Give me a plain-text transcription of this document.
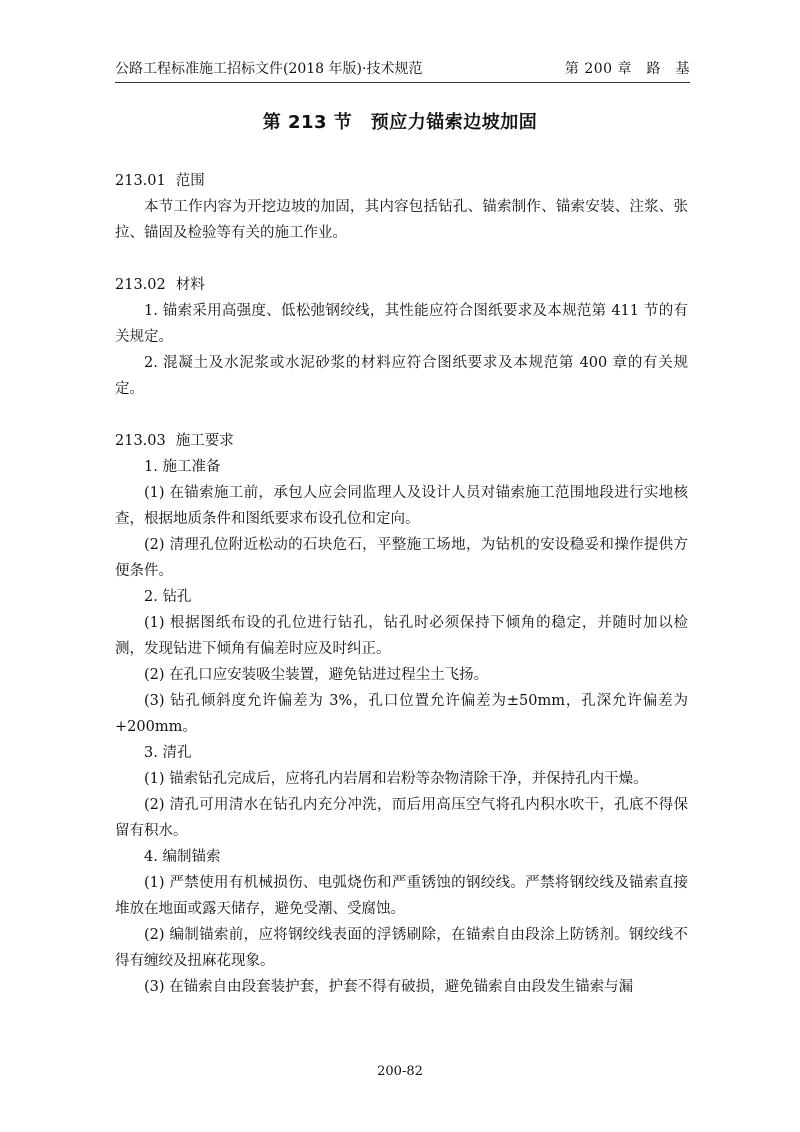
公路工程标准施工招标文件(2018 年版)·技术规范	第 200 章　路　基
第 213 节　预应力锚索边坡加固

213.01 范围

本节工作内容为开挖边坡的加固，其内容包括钻孔、锚索制作、锚索安装、注浆、张拉、锚固及检验等有关的施工作业。

213.02 材料

1. 锚索采用高强度、低松弛钢绞线，其性能应符合图纸要求及本规范第 411 节的有关规定。

2. 混凝土及水泥浆或水泥砂浆的材料应符合图纸要求及本规范第 400 章的有关规定。

213.03 施工要求

1. 施工准备

(1) 在锚索施工前，承包人应会同监理人及设计人员对锚索施工范围地段进行实地核查，根据地质条件和图纸要求布设孔位和定向。

(2) 清理孔位附近松动的石块危石，平整施工场地，为钻机的安设稳妥和操作提供方便条件。

2. 钻孔

(1) 根据图纸布设的孔位进行钻孔，钻孔时必须保持下倾角的稳定，并随时加以检测，发现钻进下倾角有偏差时应及时纠正。

(2) 在孔口应安装吸尘装置，避免钻进过程尘土飞扬。

(3) 钻孔倾斜度允许偏差为 3%，孔口位置允许偏差为±50mm，孔深允许偏差为+200mm。

3. 清孔

(1) 锚索钻孔完成后，应将孔内岩屑和岩粉等杂物清除干净，并保持孔内干燥。

(2) 清孔可用清水在钻孔内充分冲洗，而后用高压空气将孔内积水吹干，孔底不得保留有积水。

4. 编制锚索

(1) 严禁使用有机械损伤、电弧烧伤和严重锈蚀的钢绞线。严禁将钢绞线及锚索直接堆放在地面或露天储存，避免受潮、受腐蚀。

(2) 编制锚索前，应将钢绞线表面的浮锈刷除，在锚索自由段涂上防锈剂。钢绞线不得有缠绞及扭麻花现象。

(3) 在锚索自由段套装护套，护套不得有破损，避免锚索自由段发生锚索与漏

200-82
